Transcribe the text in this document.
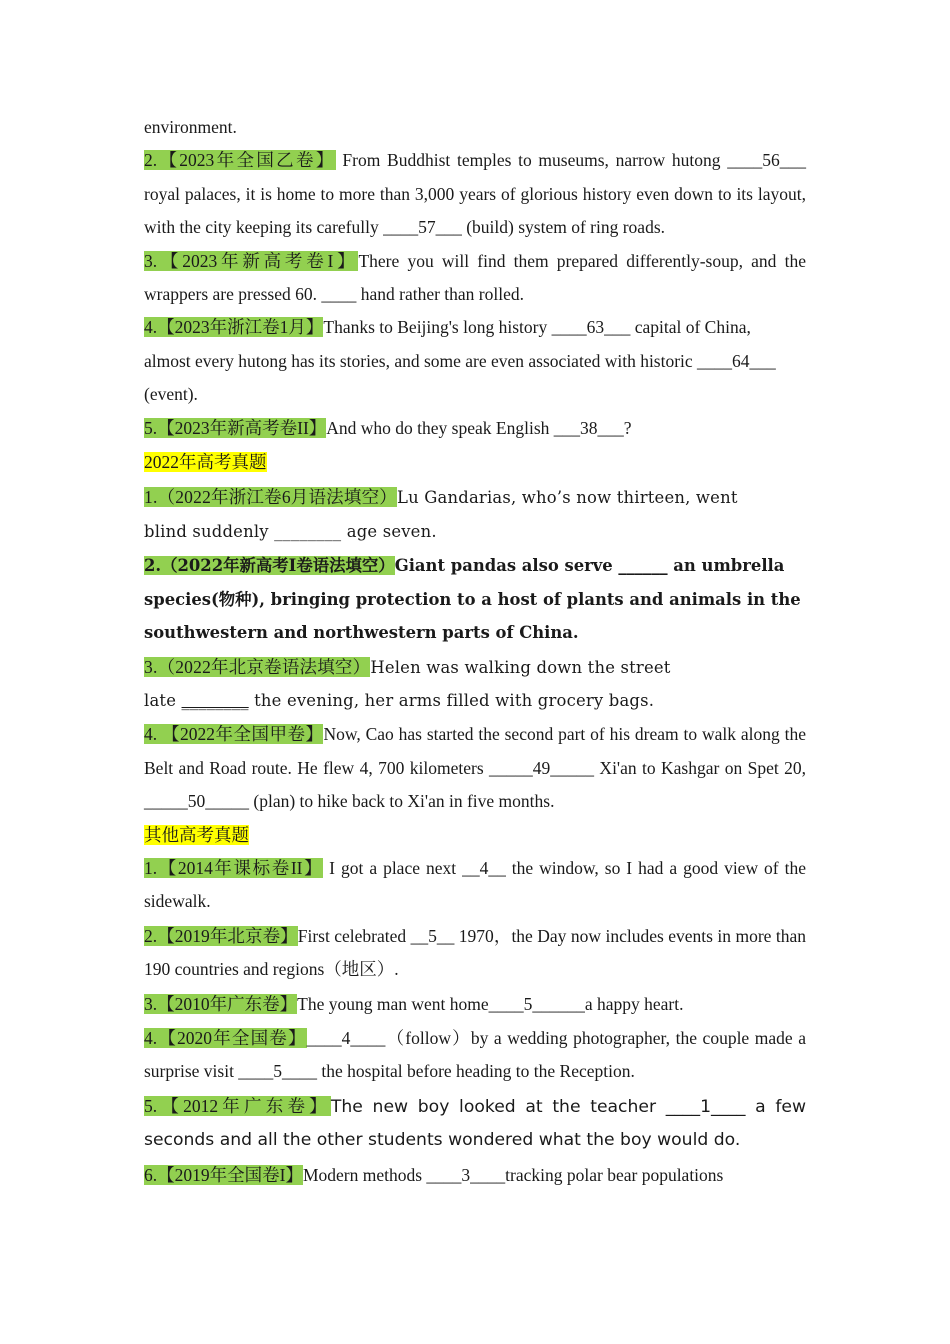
environment.

2.【2023年全国乙卷】 From Buddhist temples to museums, narrow hutong ____56___ royal palaces, it is home to more than 3,000 years of glorious history even down to its layout, with the city keeping its carefully ____57___ (build) system of ring roads.

3.【2023年新高考卷I】There you will find them prepared differently-soup, and the wrappers are pressed 60. ____ hand rather than rolled.

4.【2023年浙江卷1月】Thanks to Beijing's long history ____63___ capital of China, almost every hutong has its stories, and some are even associated with historic ____64___ (event).

5.【2023年新高考卷II】And who do they speak English ___38___?

2022年高考真题

1.（2022年浙江卷6月语法填空）Lu Gandarias, who’s now thirteen, went blind suddenly ________ age seven.

2.（2022年新高考I卷语法填空）Giant pandas also serve ______ an umbrella species(物种), bringing protection to a host of plants and animals in the southwestern and northwestern parts of China.

3.（2022年北京卷语法填空）Helen was walking down the street
late ________ the evening, her arms filled with grocery bags.

4. 【2022年全国甲卷】Now, Cao has started the second part of his dream to walk along the Belt and Road route. He flew 4, 700 kilometers _____49_____ Xi'an to Kashgar on Spet 20, _____50_____ (plan) to hike back to Xi'an in five months.

其他高考真题

1.【2014年课标卷II】 I got a place next __4__ the window, so I had a good view of the sidewalk.

2.【2019年北京卷】First celebrated __5__ 1970，the Day now includes events in more than 190 countries and regions（地区）.

3.【2010年广东卷】The young man went home____5______a happy heart.

4.【2020年全国卷】____4____（follow）by a wedding photographer, the couple made a surprise visit ____5____ the hospital before heading to the Reception.

5.【2012年广东卷】The new boy looked at the teacher ____1____ a few seconds and all the other students wondered what the boy would do.

6.【2019年全国卷I】Modern methods ____3____tracking polar bear populations
